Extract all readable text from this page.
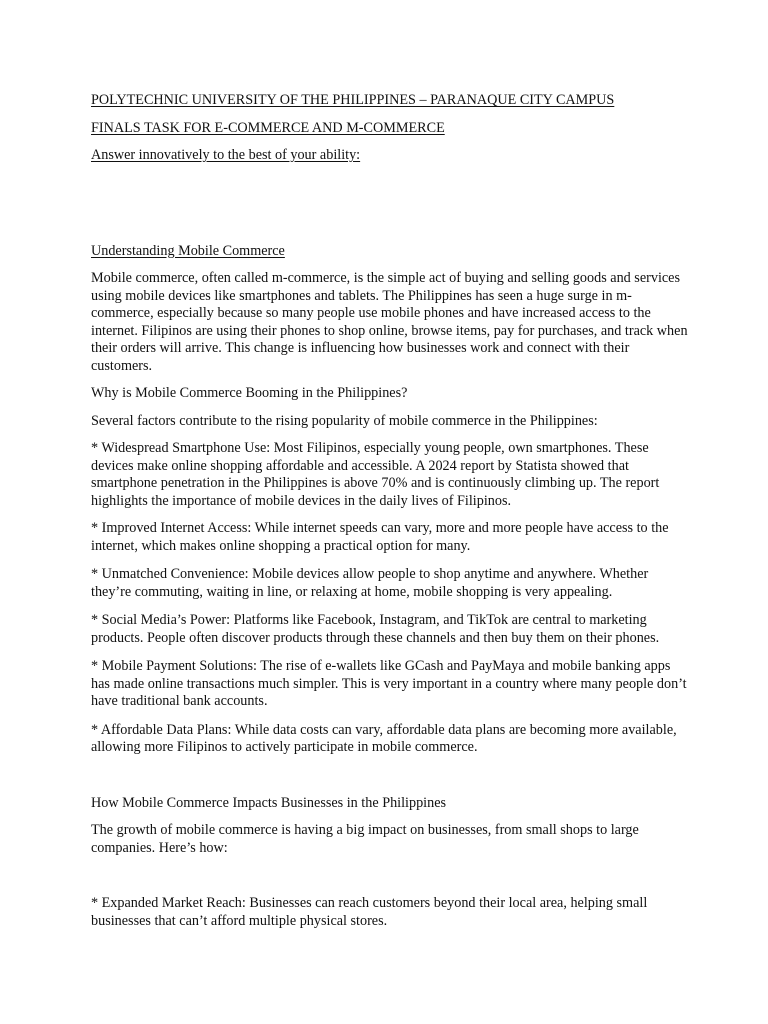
POLYTECHNIC UNIVERSITY OF THE PHILIPPINES – PARANAQUE CITY CAMPUS

FINALS TASK FOR E-COMMERCE AND M-COMMERCE

Answer innovatively to the best of your ability:

Understanding Mobile Commerce

Mobile commerce, often called m-commerce, is the simple act of buying and selling goods and services using mobile devices like smartphones and tablets. The Philippines has seen a huge surge in m-commerce, especially because so many people use mobile phones and have increased access to the internet. Filipinos are using their phones to shop online, browse items, pay for purchases, and track when their orders will arrive. This change is influencing how businesses work and connect with their customers.

Why is Mobile Commerce Booming in the Philippines?

Several factors contribute to the rising popularity of mobile commerce in the Philippines:

* Widespread Smartphone Use: Most Filipinos, especially young people, own smartphones. These devices make online shopping affordable and accessible. A 2024 report by Statista showed that smartphone penetration in the Philippines is above 70% and is continuously climbing up. The report highlights the importance of mobile devices in the daily lives of Filipinos.

* Improved Internet Access: While internet speeds can vary, more and more people have access to the internet, which makes online shopping a practical option for many.

* Unmatched Convenience: Mobile devices allow people to shop anytime and anywhere. Whether they’re commuting, waiting in line, or relaxing at home, mobile shopping is very appealing.

* Social Media’s Power: Platforms like Facebook, Instagram, and TikTok are central to marketing products. People often discover products through these channels and then buy them on their phones.

* Mobile Payment Solutions: The rise of e-wallets like GCash and PayMaya and mobile banking apps has made online transactions much simpler. This is very important in a country where many people don’t have traditional bank accounts.

* Affordable Data Plans: While data costs can vary, affordable data plans are becoming more available, allowing more Filipinos to actively participate in mobile commerce.

How Mobile Commerce Impacts Businesses in the Philippines

The growth of mobile commerce is having a big impact on businesses, from small shops to large companies. Here’s how:

* Expanded Market Reach: Businesses can reach customers beyond their local area, helping small businesses that can’t afford multiple physical stores.
